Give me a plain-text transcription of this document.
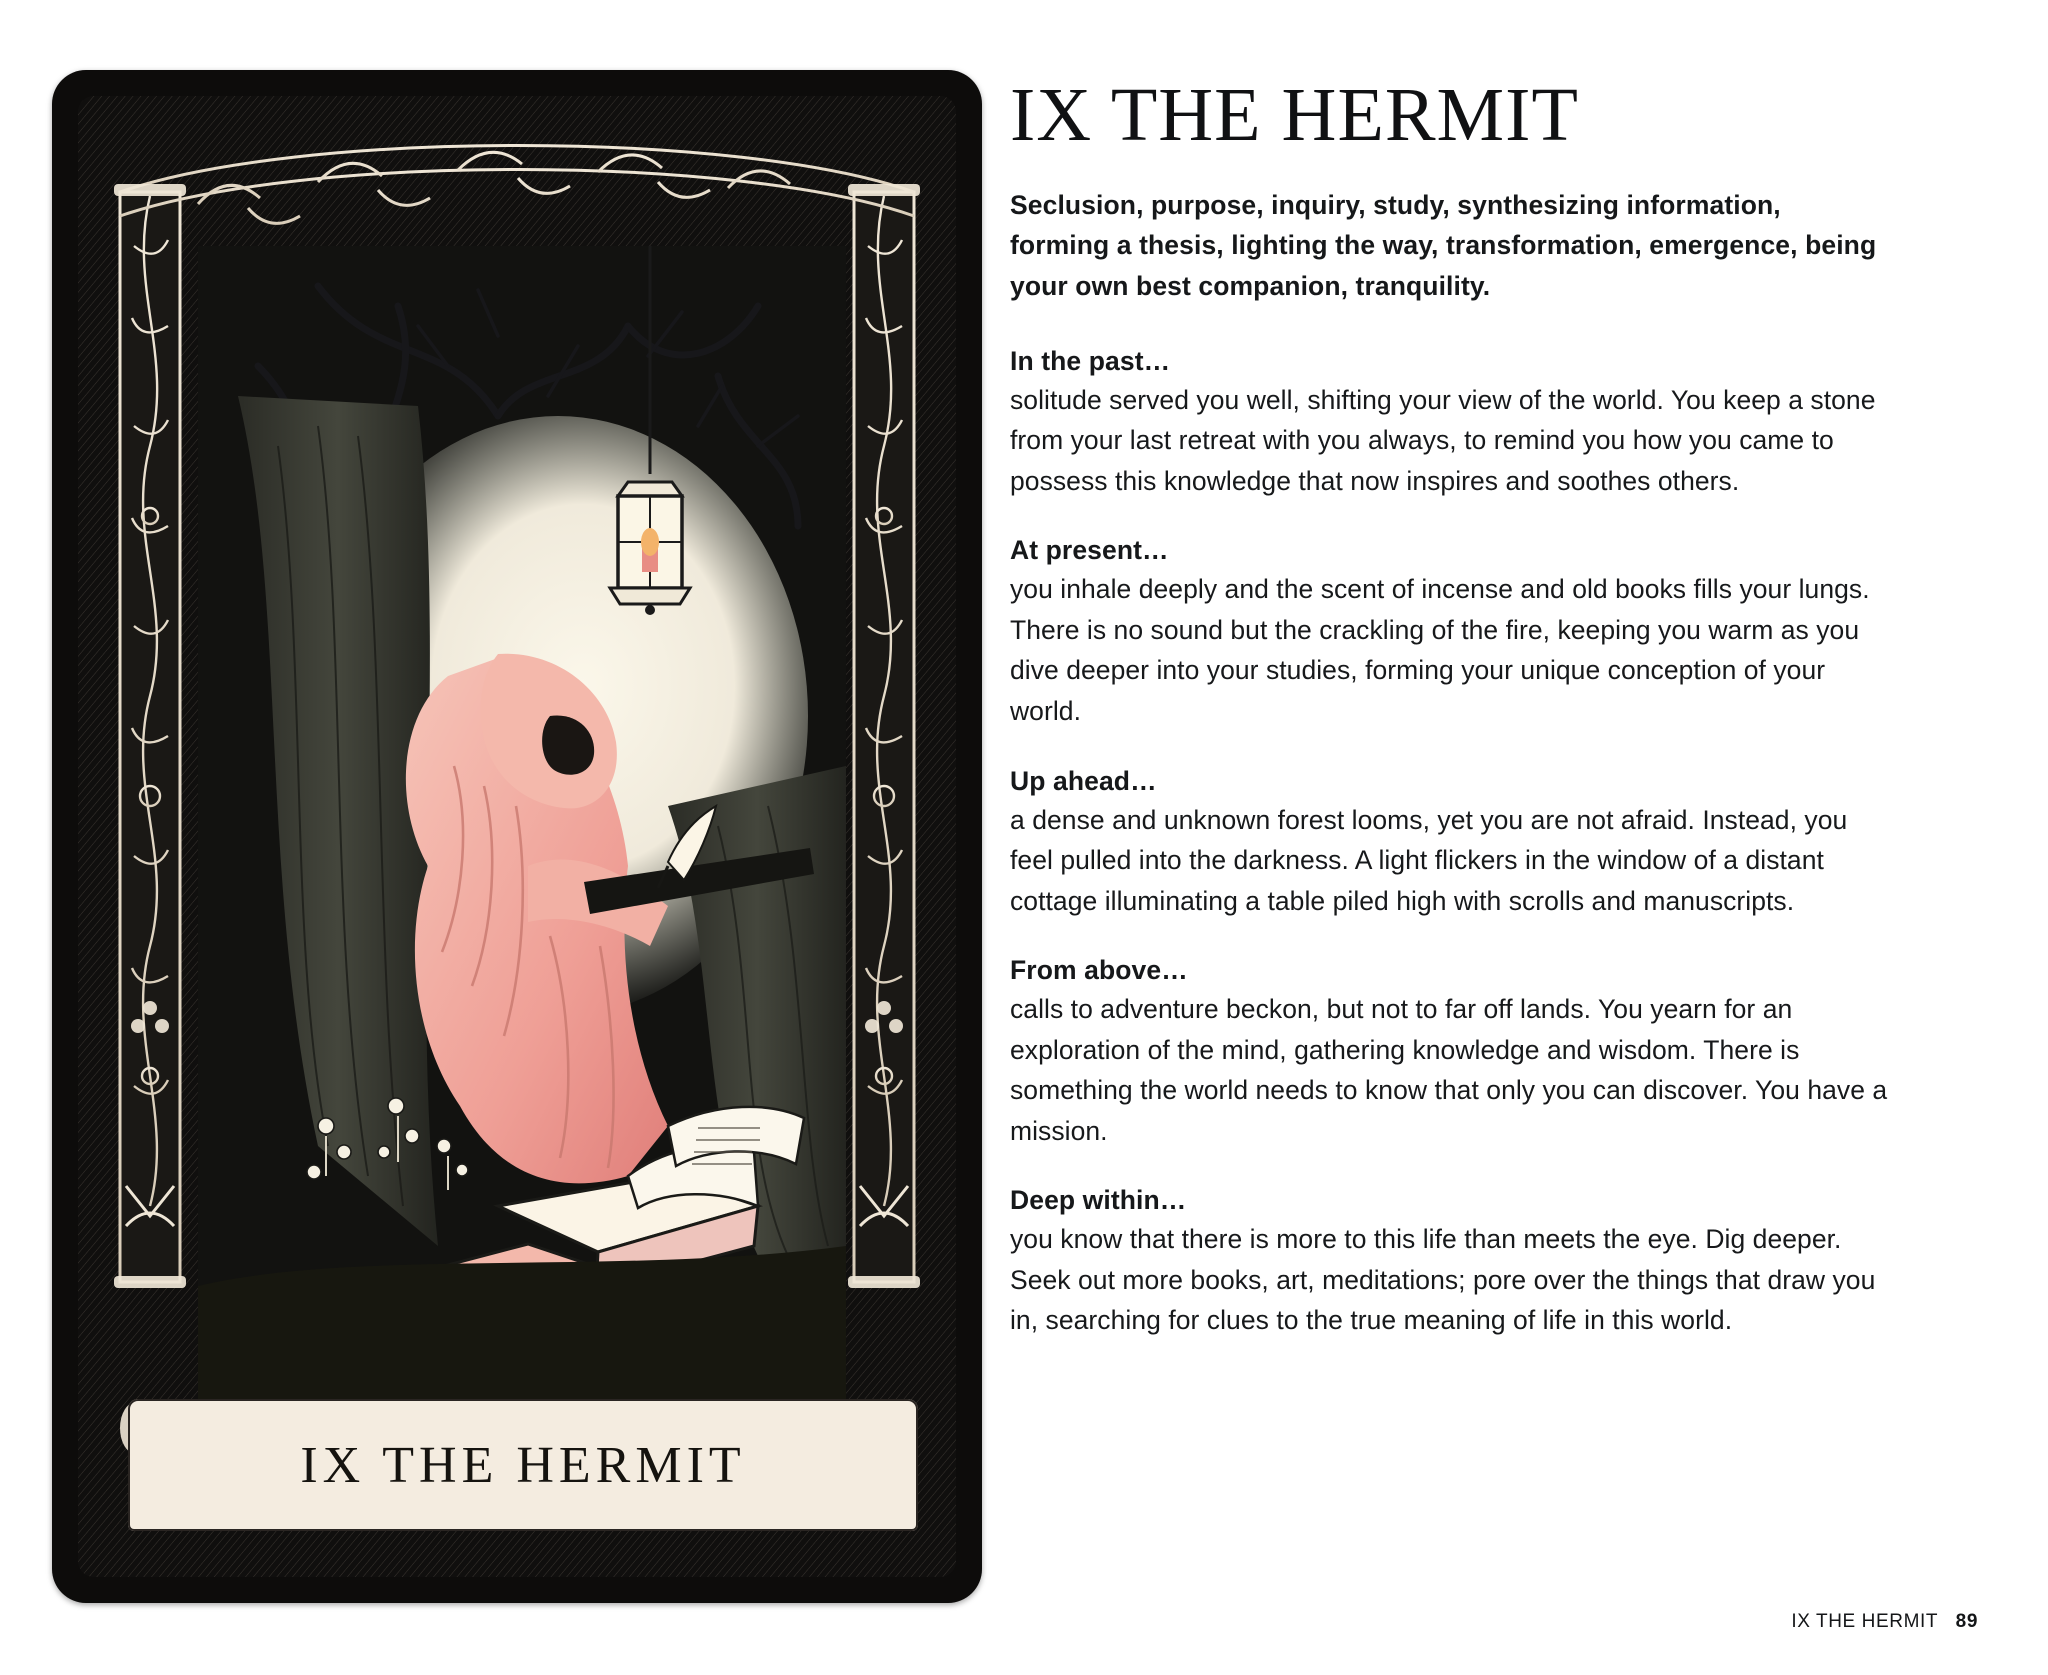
IX THE HERMIT
IX THE HERMIT

Seclusion, purpose, inquiry, study, synthesizing information, forming a thesis, lighting the way, transformation, emergence, being your own best companion, tranquility.

In the past…

solitude served you well, shifting your view of the world. You keep a stone from your last retreat with you always, to remind you how you came to possess this knowledge that now inspires and soothes others.

At present…

you inhale deeply and the scent of incense and old books fills your lungs. There is no sound but the crackling of the fire, keeping you warm as you dive deeper into your studies, forming your unique conception of your world.

Up ahead…

a dense and unknown forest looms, yet you are not afraid. Instead, you feel pulled into the darkness. A light flickers in the window of a distant cottage illuminating a table piled high with scrolls and manuscripts.

From above…

calls to adventure beckon, but not to far off lands. You yearn for an exploration of the mind, gathering knowledge and wisdom. There is something the world needs to know that only you can discover. You have a mission.

Deep within…

you know that there is more to this life than meets the eye. Dig deeper. Seek out more books, art, meditations; pore over the things that draw you in, searching for clues to the true meaning of life in this world.

IX THE HERMIT 89
